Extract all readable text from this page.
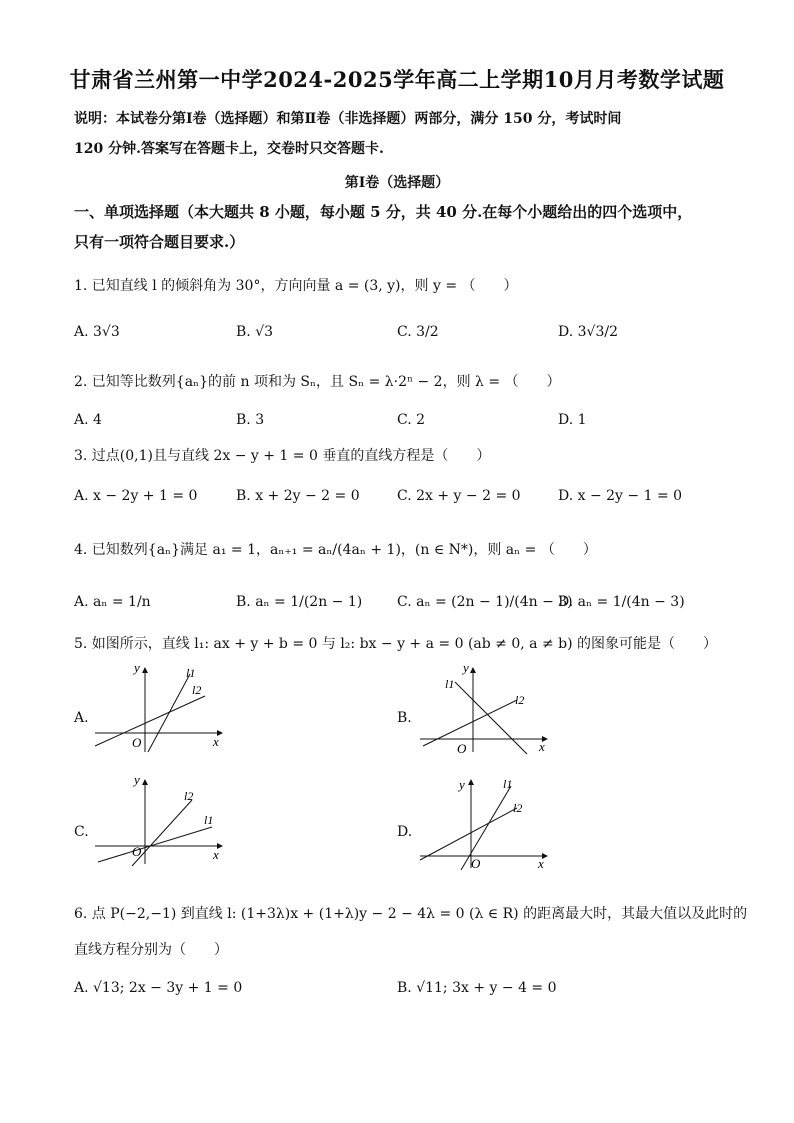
甘肃省兰州第一中学2024-2025学年高二上学期10月月考数学试题
说明：本试卷分第Ⅰ卷（选择题）和第Ⅱ卷（非选择题）两部分，满分 150 分，考试时间
120 分钟.答案写在答题卡上，交卷时只交答题卡.
第Ⅰ卷（选择题）
一、单项选择题（本大题共 8 小题，每小题 5 分，共 40 分.在每个小题给出的四个选项中，
只有一项符合题目要求.）
1. 已知直线 l 的倾斜角为 30°，方向向量 a = (3, y)，则 y = （　　）
A. 3√3	B. √3	C. 3/2	D. 3√3/2
2. 已知等比数列{aₙ}的前 n 项和为 Sₙ，且 Sₙ = λ·2ⁿ − 2，则 λ = （　　）
A. 4	B. 3	C. 2	D. 1
3. 过点(0,1)且与直线 2x − y + 1 = 0 垂直的直线方程是（　　）
A. x − 2y + 1 = 0	B. x + 2y − 2 = 0	C. 2x + y − 2 = 0	D. x − 2y − 1 = 0
4. 已知数列{aₙ}满足 a₁ = 1，aₙ₊₁ = aₙ/(4aₙ + 1)，(n ∈ N*)，则 aₙ = （　　）
A. aₙ = 1/n	B. aₙ = 1/(2n − 1) C. aₙ = (2n − 1)/(4n − 3)
D. aₙ = 1/(4n − 3)
5. 如图所示，直线 l₁: ax + y + b = 0 与 l₂: bx − y + a = 0 (ab ≠ 0, a ≠ b) 的图象可能是（　　）
A.	B.
C.	D.
y
x
O
l1
l2
y
x
O
l1
l2
y
x
O
l1
l2
y
x
O
l1
l2
6. 点 P(−2,−1) 到直线 l: (1+3λ)x + (1+λ)y − 2 − 4λ = 0 (λ ∈ R) 的距离最大时，其最大值以及此时的
直线方程分别为（　　）
A. √13; 2x − 3y + 1 = 0	B. √11; 3x + y − 4 = 0
